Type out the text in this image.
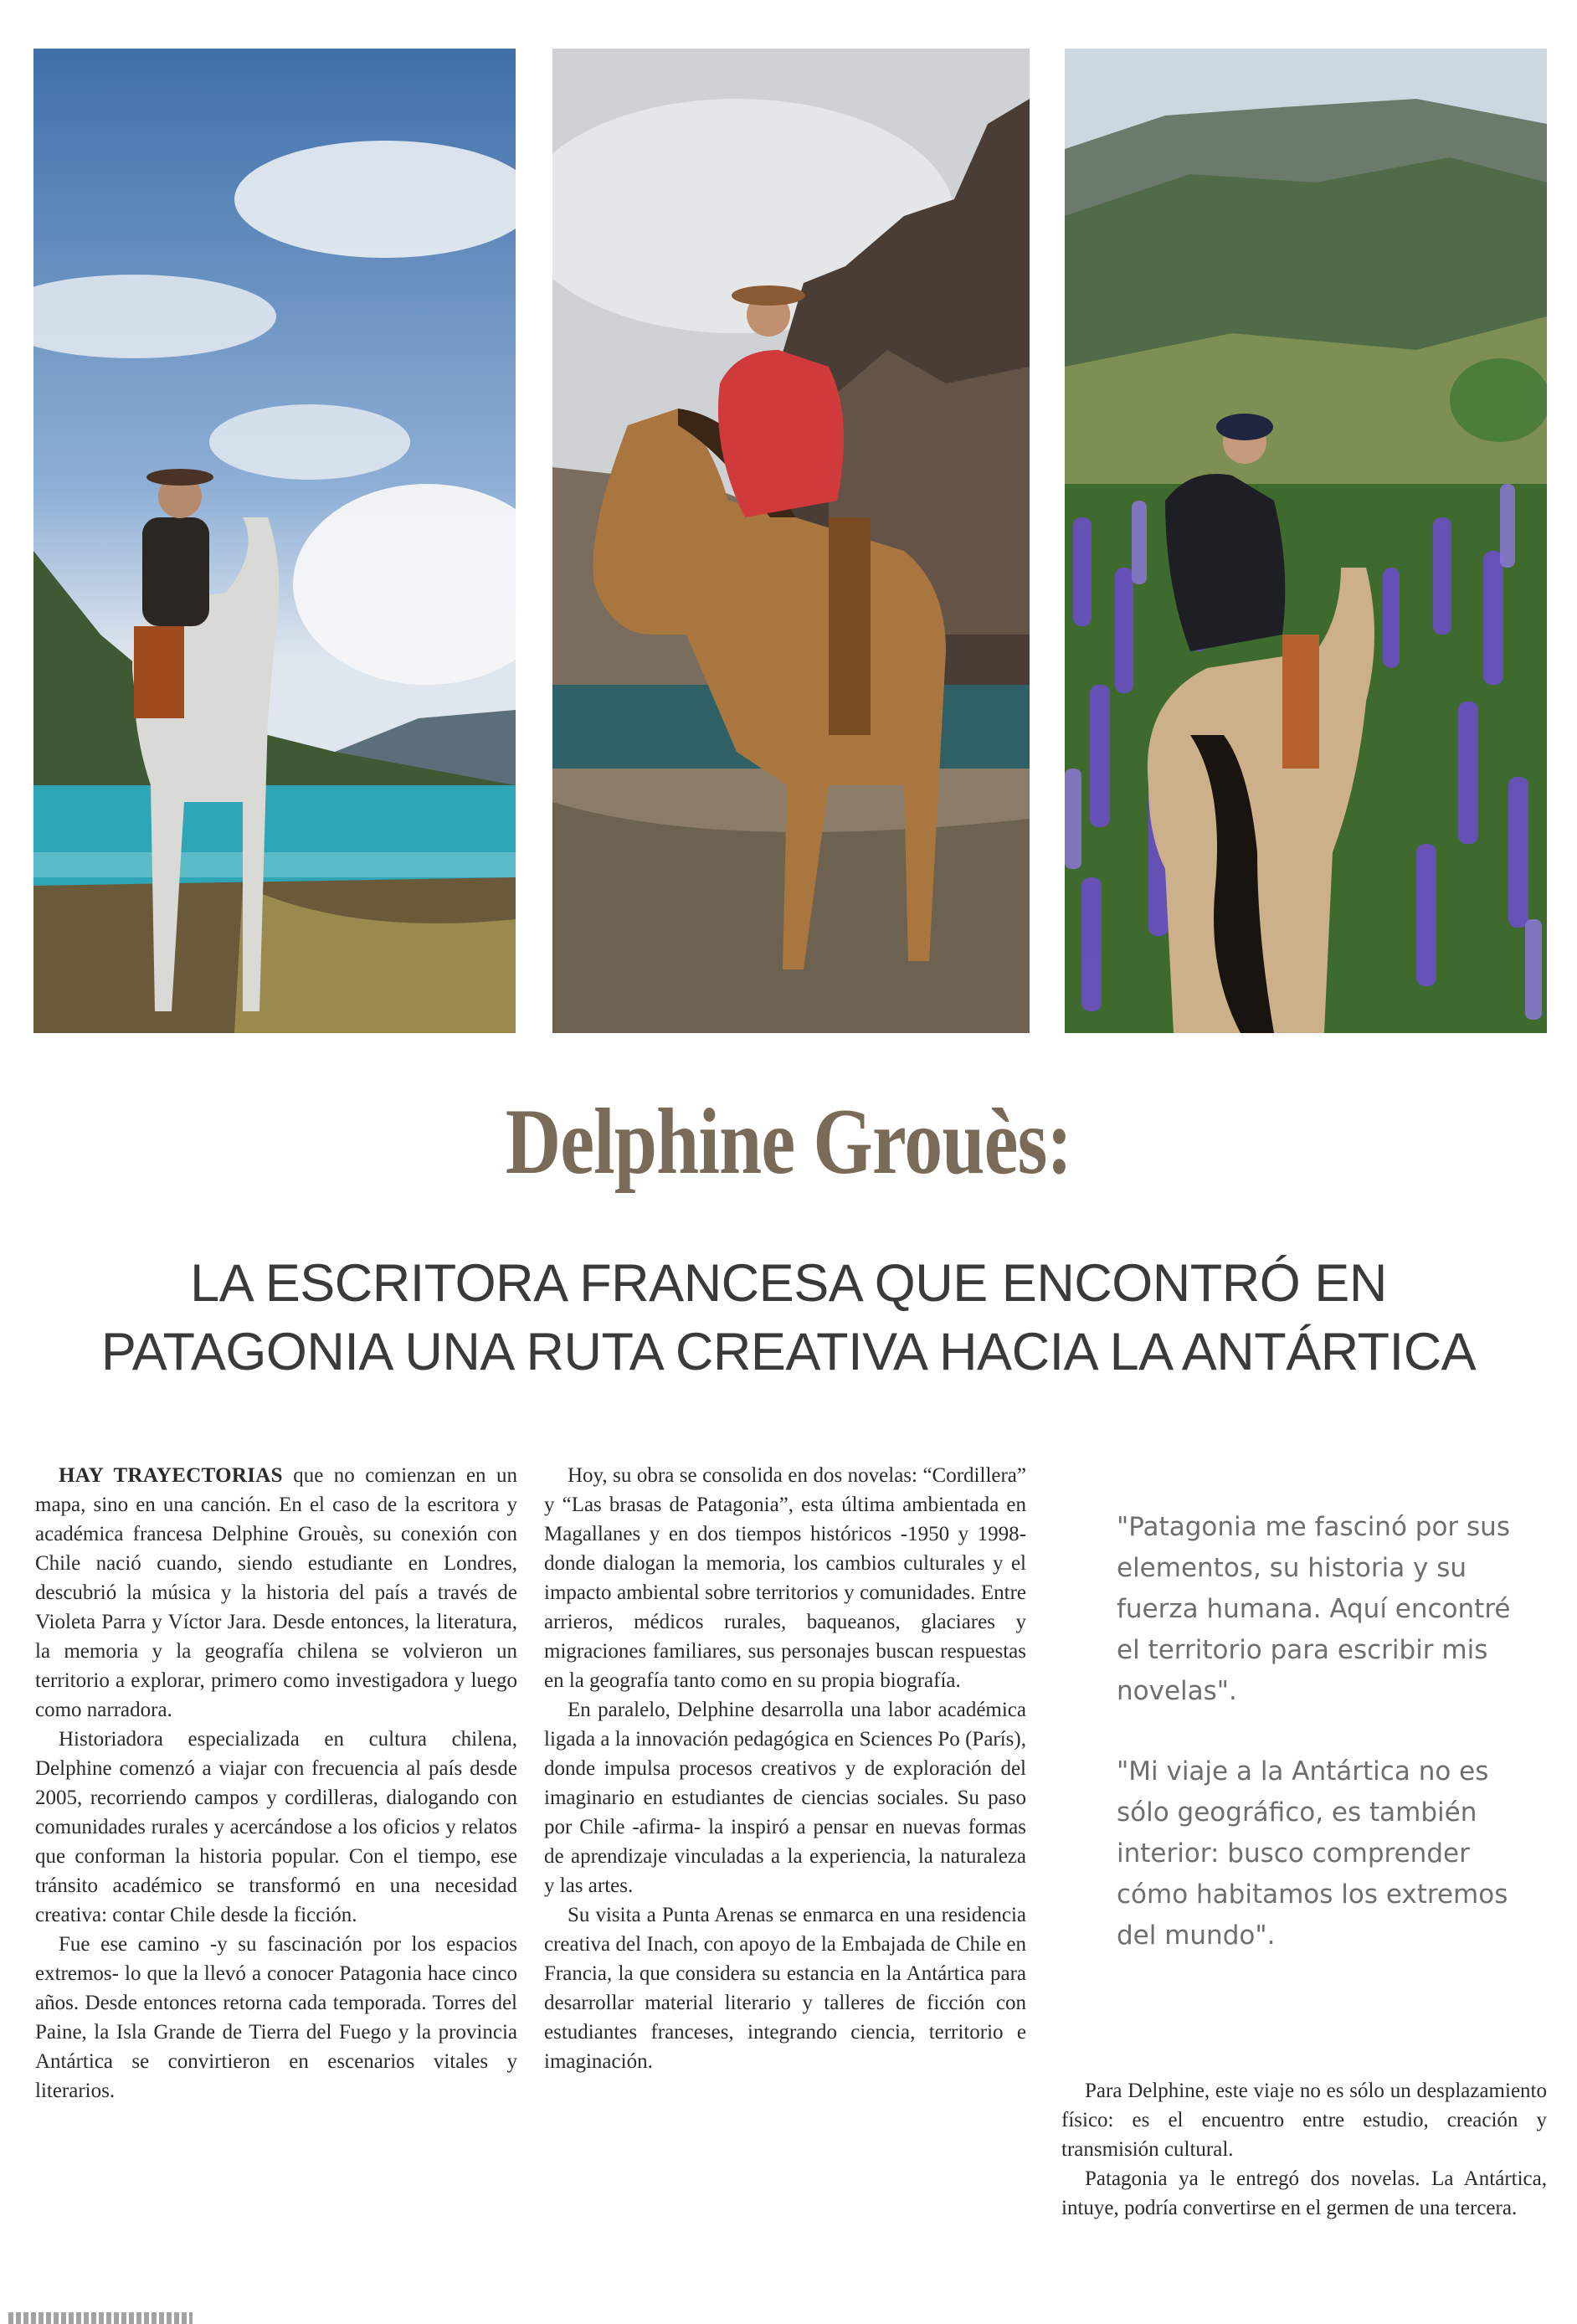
Delphine Grouès:
LA ESCRITORA FRANCESA QUE ENCONTRÓ EN
PATAGONIA UNA RUTA CREATIVA HACIA LA ANTÁRTICA

HAY TRAYECTORIAS que no comienzan en un mapa, sino en una canción. En el caso de la escritora y académica francesa Delphine Grouès, su conexión con Chile nació cuando, siendo estudiante en Londres, descubrió la música y la historia del país a través de Violeta Parra y Víctor Jara. Desde entonces, la literatura, la memoria y la geografía chilena se volvieron un territorio a explorar, primero como investigadora y luego como narradora.

Historiadora especializada en cultura chilena, Delphine comenzó a viajar con frecuencia al país desde 2005, recorriendo campos y cordilleras, dialogando con comunidades rurales y acercándose a los oficios y relatos que conforman la historia popular. Con el tiempo, ese tránsito académico se transformó en una necesidad creativa: contar Chile desde la ficción.

Fue ese camino -y su fascinación por los espacios extremos- lo que la llevó a conocer Patagonia hace cinco años. Desde entonces retorna cada temporada. Torres del Paine, la Isla Grande de Tierra del Fuego y la provincia Antártica se convirtieron en escenarios vitales y literarios.

Hoy, su obra se consolida en dos novelas: “Cordillera” y “Las brasas de Patagonia”, esta última ambientada en Magallanes y en dos tiempos históricos -1950 y 1998- donde dialogan la memoria, los cambios culturales y el impacto ambiental sobre territorios y comunidades. Entre arrieros, médicos rurales, baqueanos, glaciares y migraciones familiares, sus personajes buscan respuestas en la geografía tanto como en su propia biografía.

En paralelo, Delphine desarrolla una labor académica ligada a la innovación pedagógica en Sciences Po (París), donde impulsa procesos creativos y de exploración del imaginario en estudiantes de ciencias sociales. Su paso por Chile -afirma- la inspiró a pensar en nuevas formas de aprendizaje vinculadas a la experiencia, la naturaleza y las artes.

Su visita a Punta Arenas se enmarca en una residencia creativa del Inach, con apoyo de la Embajada de Chile en Francia, la que considera su estancia en la Antártica para desarrollar material literario y talleres de ficción con estudiantes franceses, integrando ciencia, territorio e imaginación.

"Patagonia me fascinó por sus elementos, su historia y su fuerza humana. Aquí encontré el territorio para escribir mis novelas".

"Mi viaje a la Antártica no es sólo geográfico, es también interior: busco comprender cómo habitamos los extremos del mundo".

Para Delphine, este viaje no es sólo un desplazamiento físico: es el encuentro entre estudio, creación y transmisión cultural.

Patagonia ya le entregó dos novelas. La Antártica, intuye, podría convertirse en el germen de una tercera.
